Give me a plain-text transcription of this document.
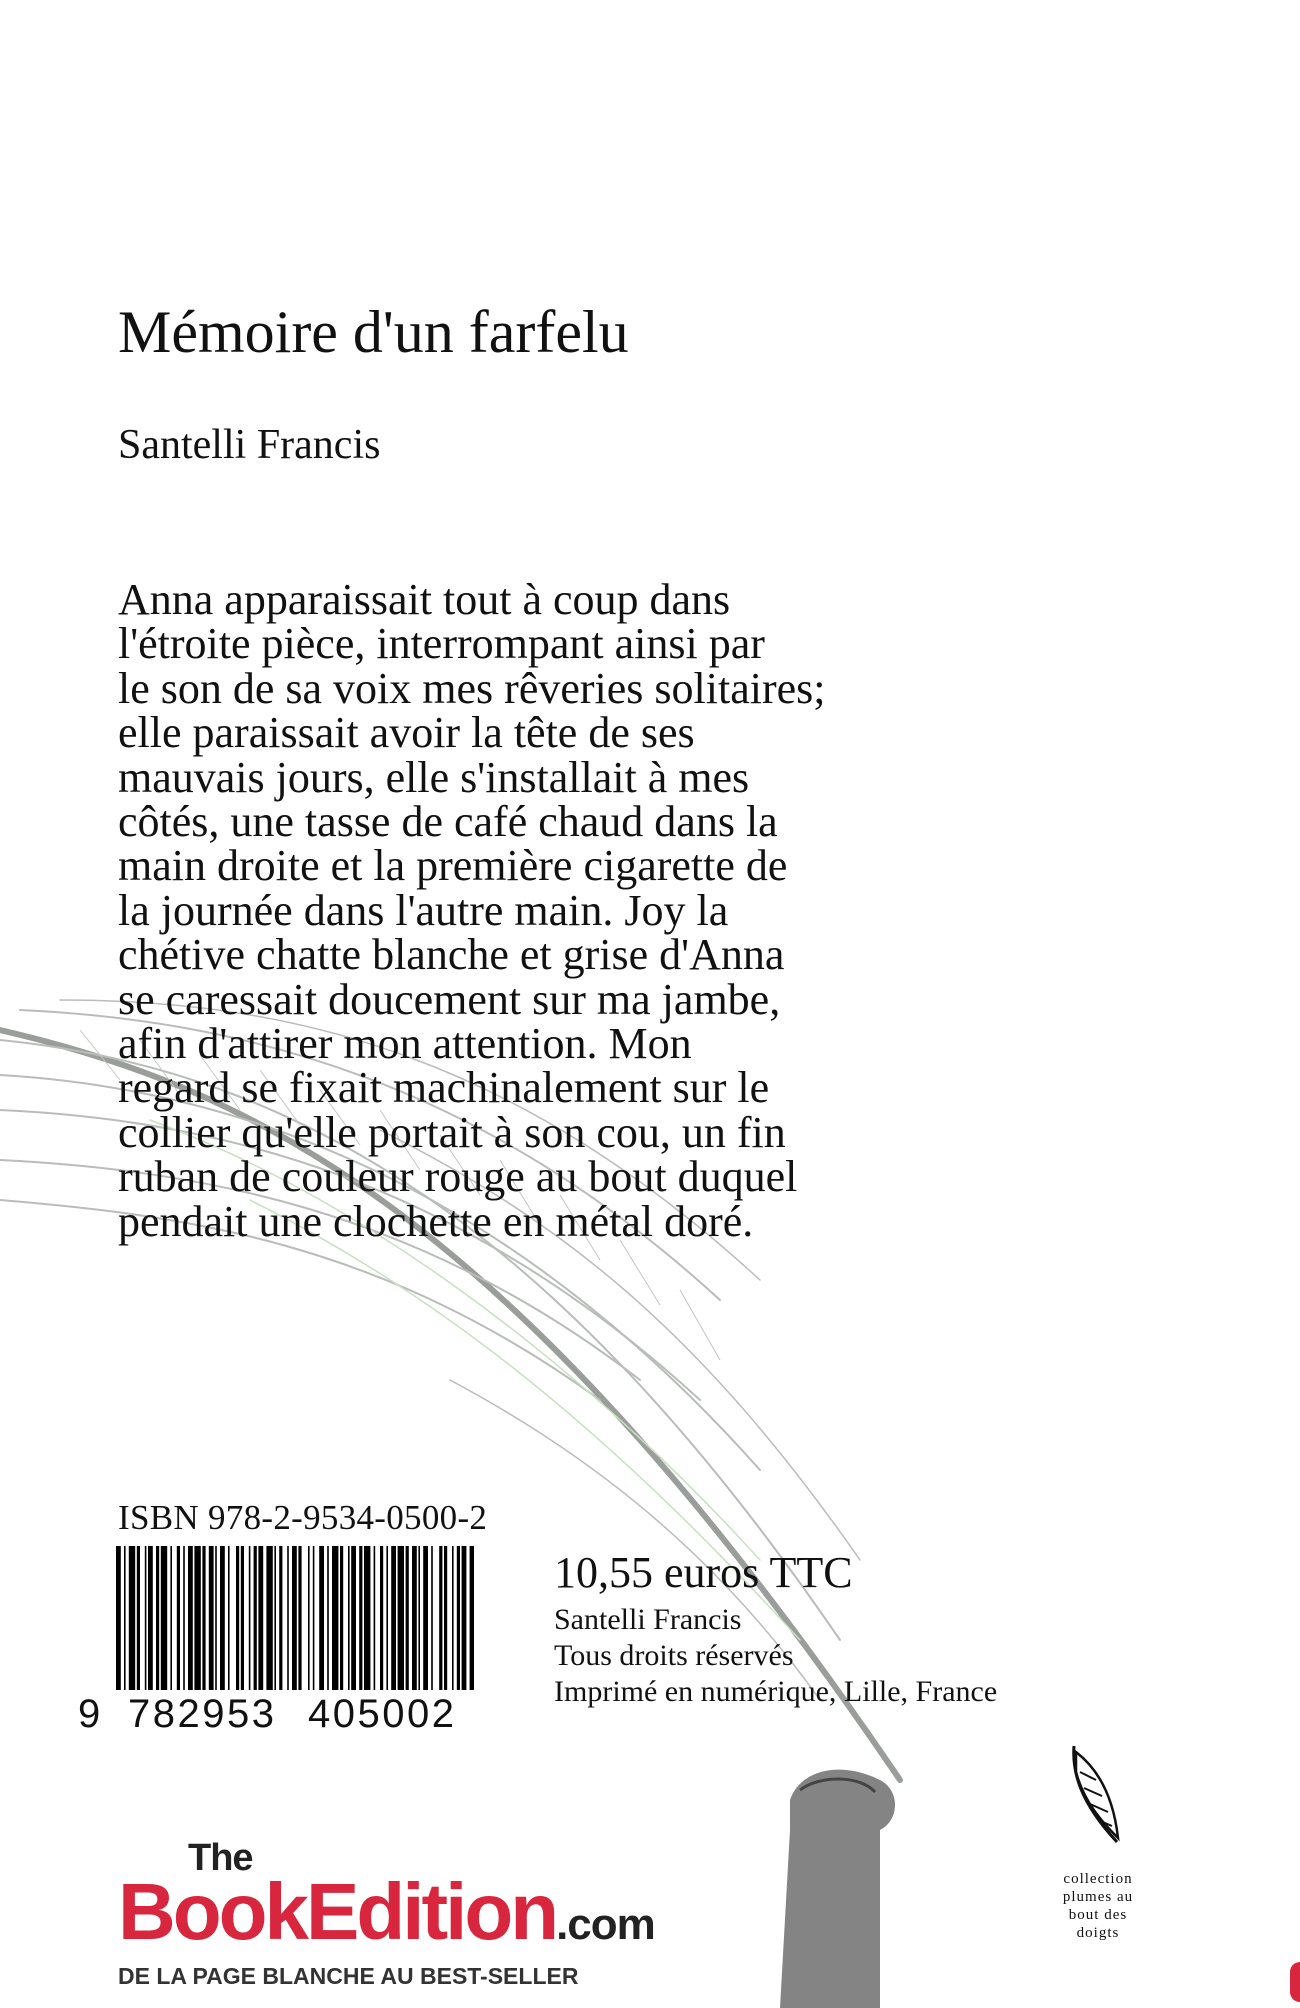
Mémoire d'un farfelu
Santelli Francis
Anna apparaissait tout à coup dans
l'étroite pièce, interrompant ainsi par
le son de sa voix mes rêveries solitaires;
elle paraissait avoir la tête de ses
mauvais jours, elle s'installait à mes
côtés, une tasse de café chaud dans la
main droite et la première cigarette de
la journée dans l'autre main. Joy la
chétive chatte blanche et grise d'Anna
se caressait doucement sur ma jambe,
afin d'attirer mon attention. Mon
regard se fixait machinalement sur le
collier qu'elle portait à son cou, un fin
ruban de couleur rouge au bout duquel
pendait une clochette en métal doré.
ISBN 978-2-9534-0500-2
9 782953 405002
10,55 euros TTC
Santelli Francis
Tous droits réservés
Imprimé en numérique, Lille, France
The
BookEdition.com
DE LA PAGE BLANCHE AU BEST-SELLER
collection
plumes au
bout des
doigts
